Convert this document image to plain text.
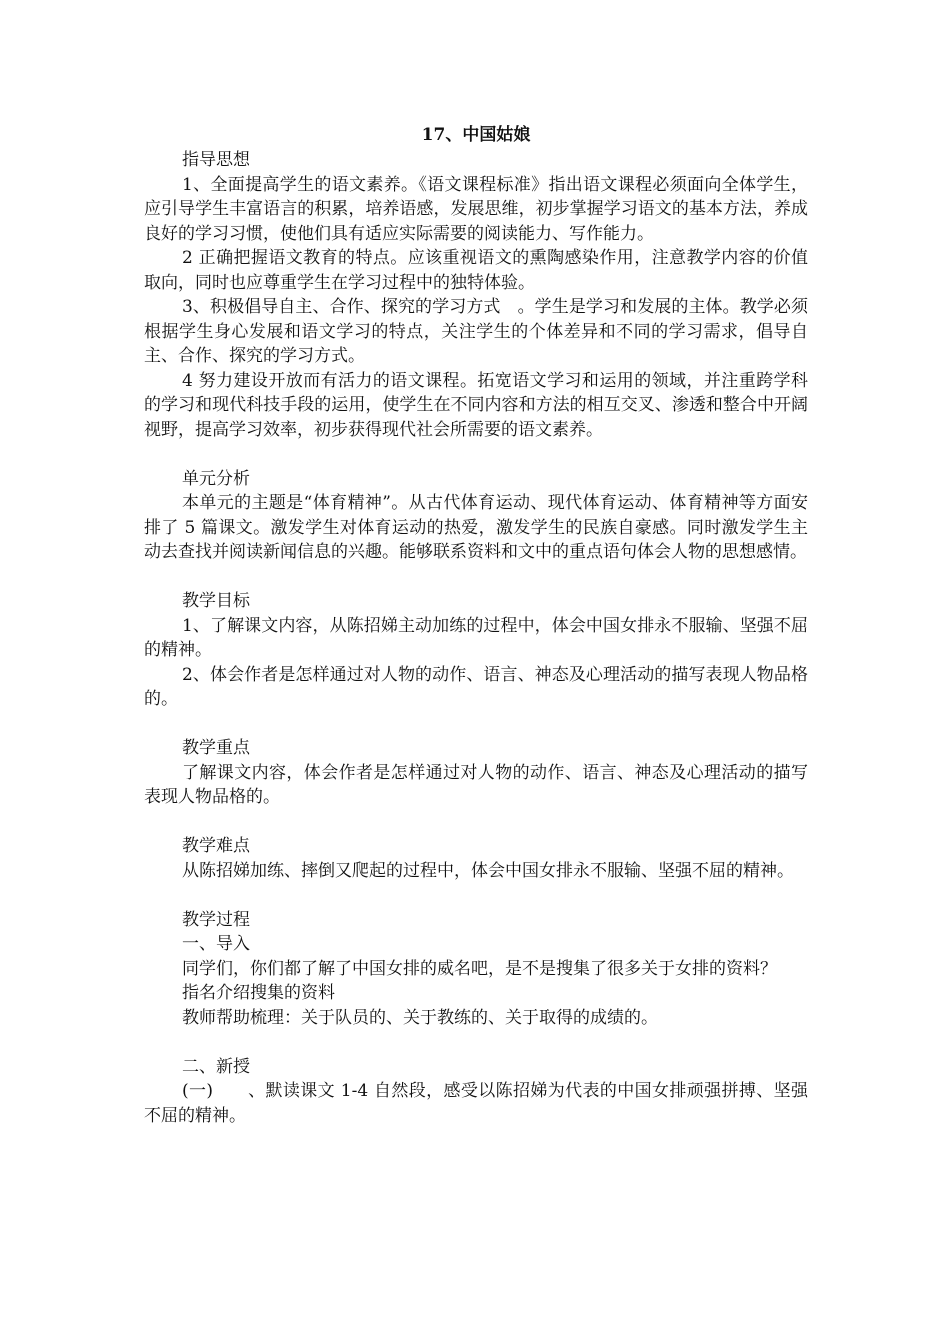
17、中国姑娘

指导思想

1、全面提高学生的语文素养。《语文课程标准》指出语文课程必须面向全体学生，应引导学生丰富语言的积累，培养语感，发展思维，初步掌握学习语文的基本方法，养成良好的学习习惯，使他们具有适应实际需要的阅读能力、写作能力。

2 正确把握语文教育的特点。应该重视语文的熏陶感染作用，注意教学内容的价值取向，同时也应尊重学生在学习过程中的独特体验。

3、积极倡导自主、合作、探究的学习方式　。学生是学习和发展的主体。教学必须根据学生身心发展和语文学习的特点，关注学生的个体差异和不同的学习需求，倡导自主、合作、探究的学习方式。

4 努力建设开放而有活力的语文课程。拓宽语文学习和运用的领域，并注重跨学科的学习和现代科技手段的运用，使学生在不同内容和方法的相互交叉、渗透和整合中开阔视野，提高学习效率，初步获得现代社会所需要的语文素养。

单元分析

本单元的主题是“体育精神”。从古代体育运动、现代体育运动、体育精神等方面安排了 5 篇课文。激发学生对体育运动的热爱，激发学生的民族自豪感。同时激发学生主动去查找并阅读新闻信息的兴趣。能够联系资料和文中的重点语句体会人物的思想感情。

教学目标

1、了解课文内容，从陈招娣主动加练的过程中，体会中国女排永不服输、坚强不屈的精神。

2、体会作者是怎样通过对人物的动作、语言、神态及心理活动的描写表现人物品格的。

教学重点

了解课文内容，体会作者是怎样通过对人物的动作、语言、神态及心理活动的描写表现人物品格的。

教学难点

从陈招娣加练、摔倒又爬起的过程中，体会中国女排永不服输、坚强不屈的精神。

教学过程

一、导入

同学们，你们都了解了中国女排的威名吧，是不是搜集了很多关于女排的资料？

指名介绍搜集的资料

教师帮助梳理：关于队员的、关于教练的、关于取得的成绩的。

二、新授

(一)　　、默读课文 1-4 自然段，感受以陈招娣为代表的中国女排顽强拼搏、坚强不屈的精神。
